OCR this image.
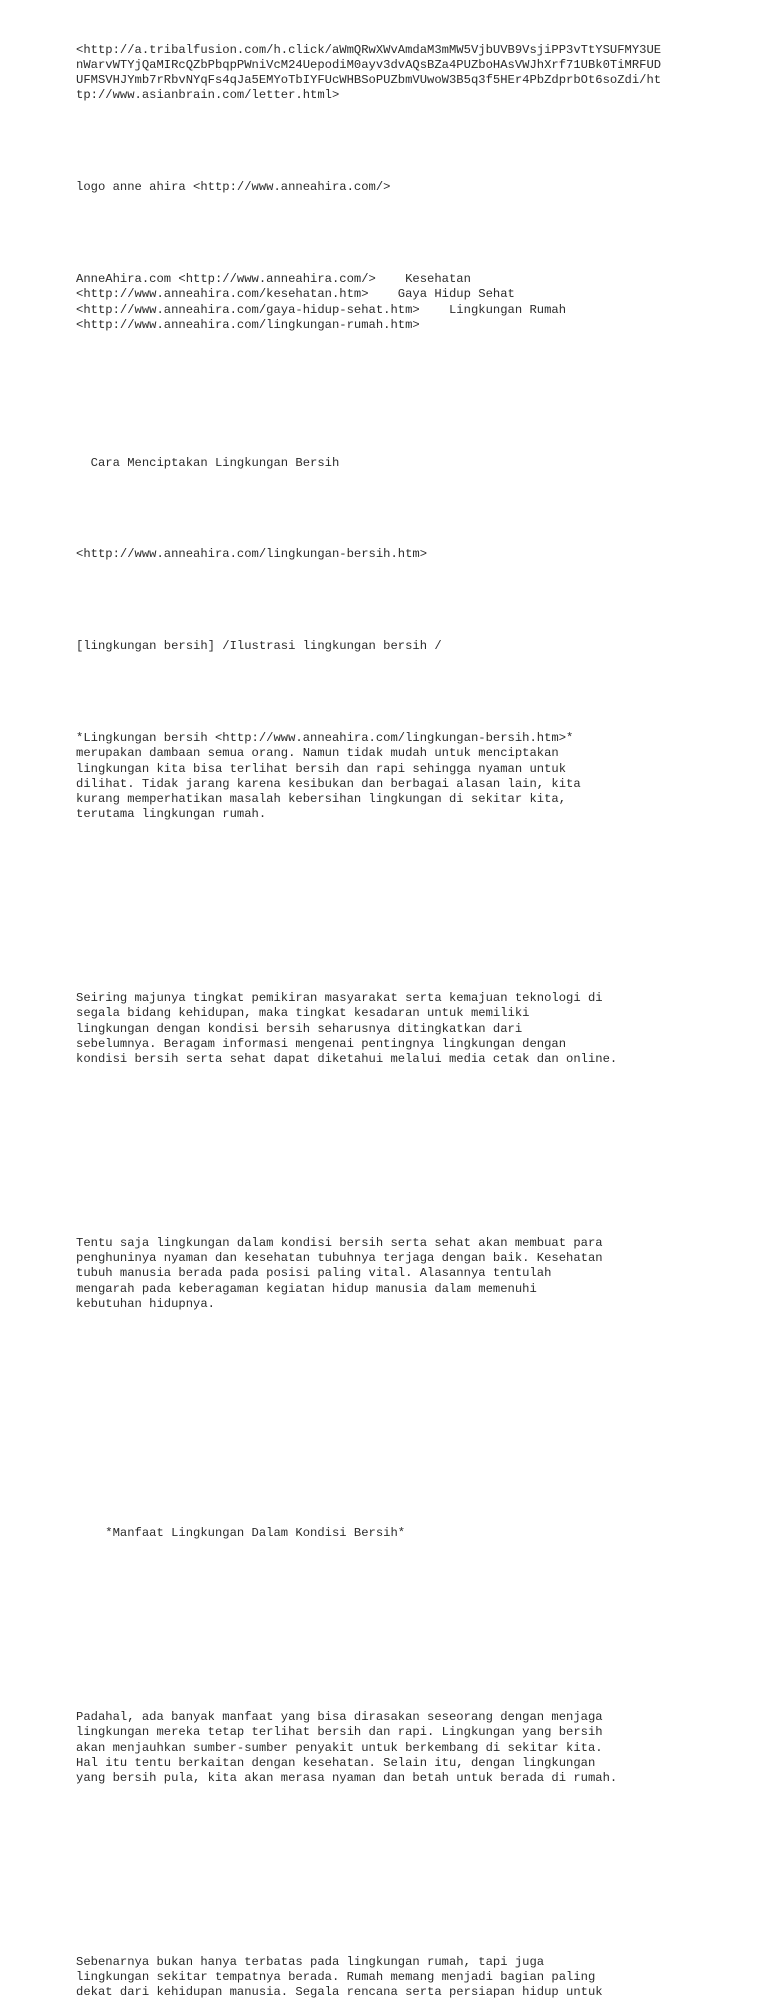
<http://a.tribalfusion.com/h.click/aWmQRwXWvAmdaM3mMW5VjbUVB9VsjiPP3vTtYSUFMY3UE
nWarvWTYjQaMIRcQZbPbqpPWniVcM24UepodiM0ayv3dvAQsBZa4PUZboHAsVWJhXrf71UBk0TiMRFUD
UFMSVHJYmb7rRbvNYqFs4qJa5EMYoTbIYFUcWHBSoPUZbmVUwoW3B5q3f5HEr4PbZdprbOt6soZdi/ht
tp://www.asianbrain.com/letter.html>

logo anne ahira <http://www.anneahira.com/>

AnneAhira.com <http://www.anneahira.com/>    Kesehatan
<http://www.anneahira.com/kesehatan.htm>    Gaya Hidup Sehat
<http://www.anneahira.com/gaya-hidup-sehat.htm>    Lingkungan Rumah
<http://www.anneahira.com/lingkungan-rumah.htm>

Cara Menciptakan Lingkungan Bersih

<http://www.anneahira.com/lingkungan-bersih.htm>

[lingkungan bersih] /Ilustrasi lingkungan bersih /

*Lingkungan bersih <http://www.anneahira.com/lingkungan-bersih.htm>*
merupakan dambaan semua orang. Namun tidak mudah untuk menciptakan
lingkungan kita bisa terlihat bersih dan rapi sehingga nyaman untuk
dilihat. Tidak jarang karena kesibukan dan berbagai alasan lain, kita
kurang memperhatikan masalah kebersihan lingkungan di sekitar kita,
terutama lingkungan rumah.

Seiring majunya tingkat pemikiran masyarakat serta kemajuan teknologi di
segala bidang kehidupan, maka tingkat kesadaran untuk memiliki
lingkungan dengan kondisi bersih seharusnya ditingkatkan dari
sebelumnya. Beragam informasi mengenai pentingnya lingkungan dengan
kondisi bersih serta sehat dapat diketahui melalui media cetak dan online.

Tentu saja lingkungan dalam kondisi bersih serta sehat akan membuat para
penghuninya nyaman dan kesehatan tubuhnya terjaga dengan baik. Kesehatan
tubuh manusia berada pada posisi paling vital. Alasannya tentulah
mengarah pada keberagaman kegiatan hidup manusia dalam memenuhi
kebutuhan hidupnya.

*Manfaat Lingkungan Dalam Kondisi Bersih*

Padahal, ada banyak manfaat yang bisa dirasakan seseorang dengan menjaga
lingkungan mereka tetap terlihat bersih dan rapi. Lingkungan yang bersih
akan menjauhkan sumber-sumber penyakit untuk berkembang di sekitar kita.
Hal itu tentu berkaitan dengan kesehatan. Selain itu, dengan lingkungan
yang bersih pula, kita akan merasa nyaman dan betah untuk berada di rumah.

Sebenarnya bukan hanya terbatas pada lingkungan rumah, tapi juga
lingkungan sekitar tempatnya berada. Rumah memang menjadi bagian paling
dekat dari kehidupan manusia. Segala rencana serta persiapan hidup untuk
